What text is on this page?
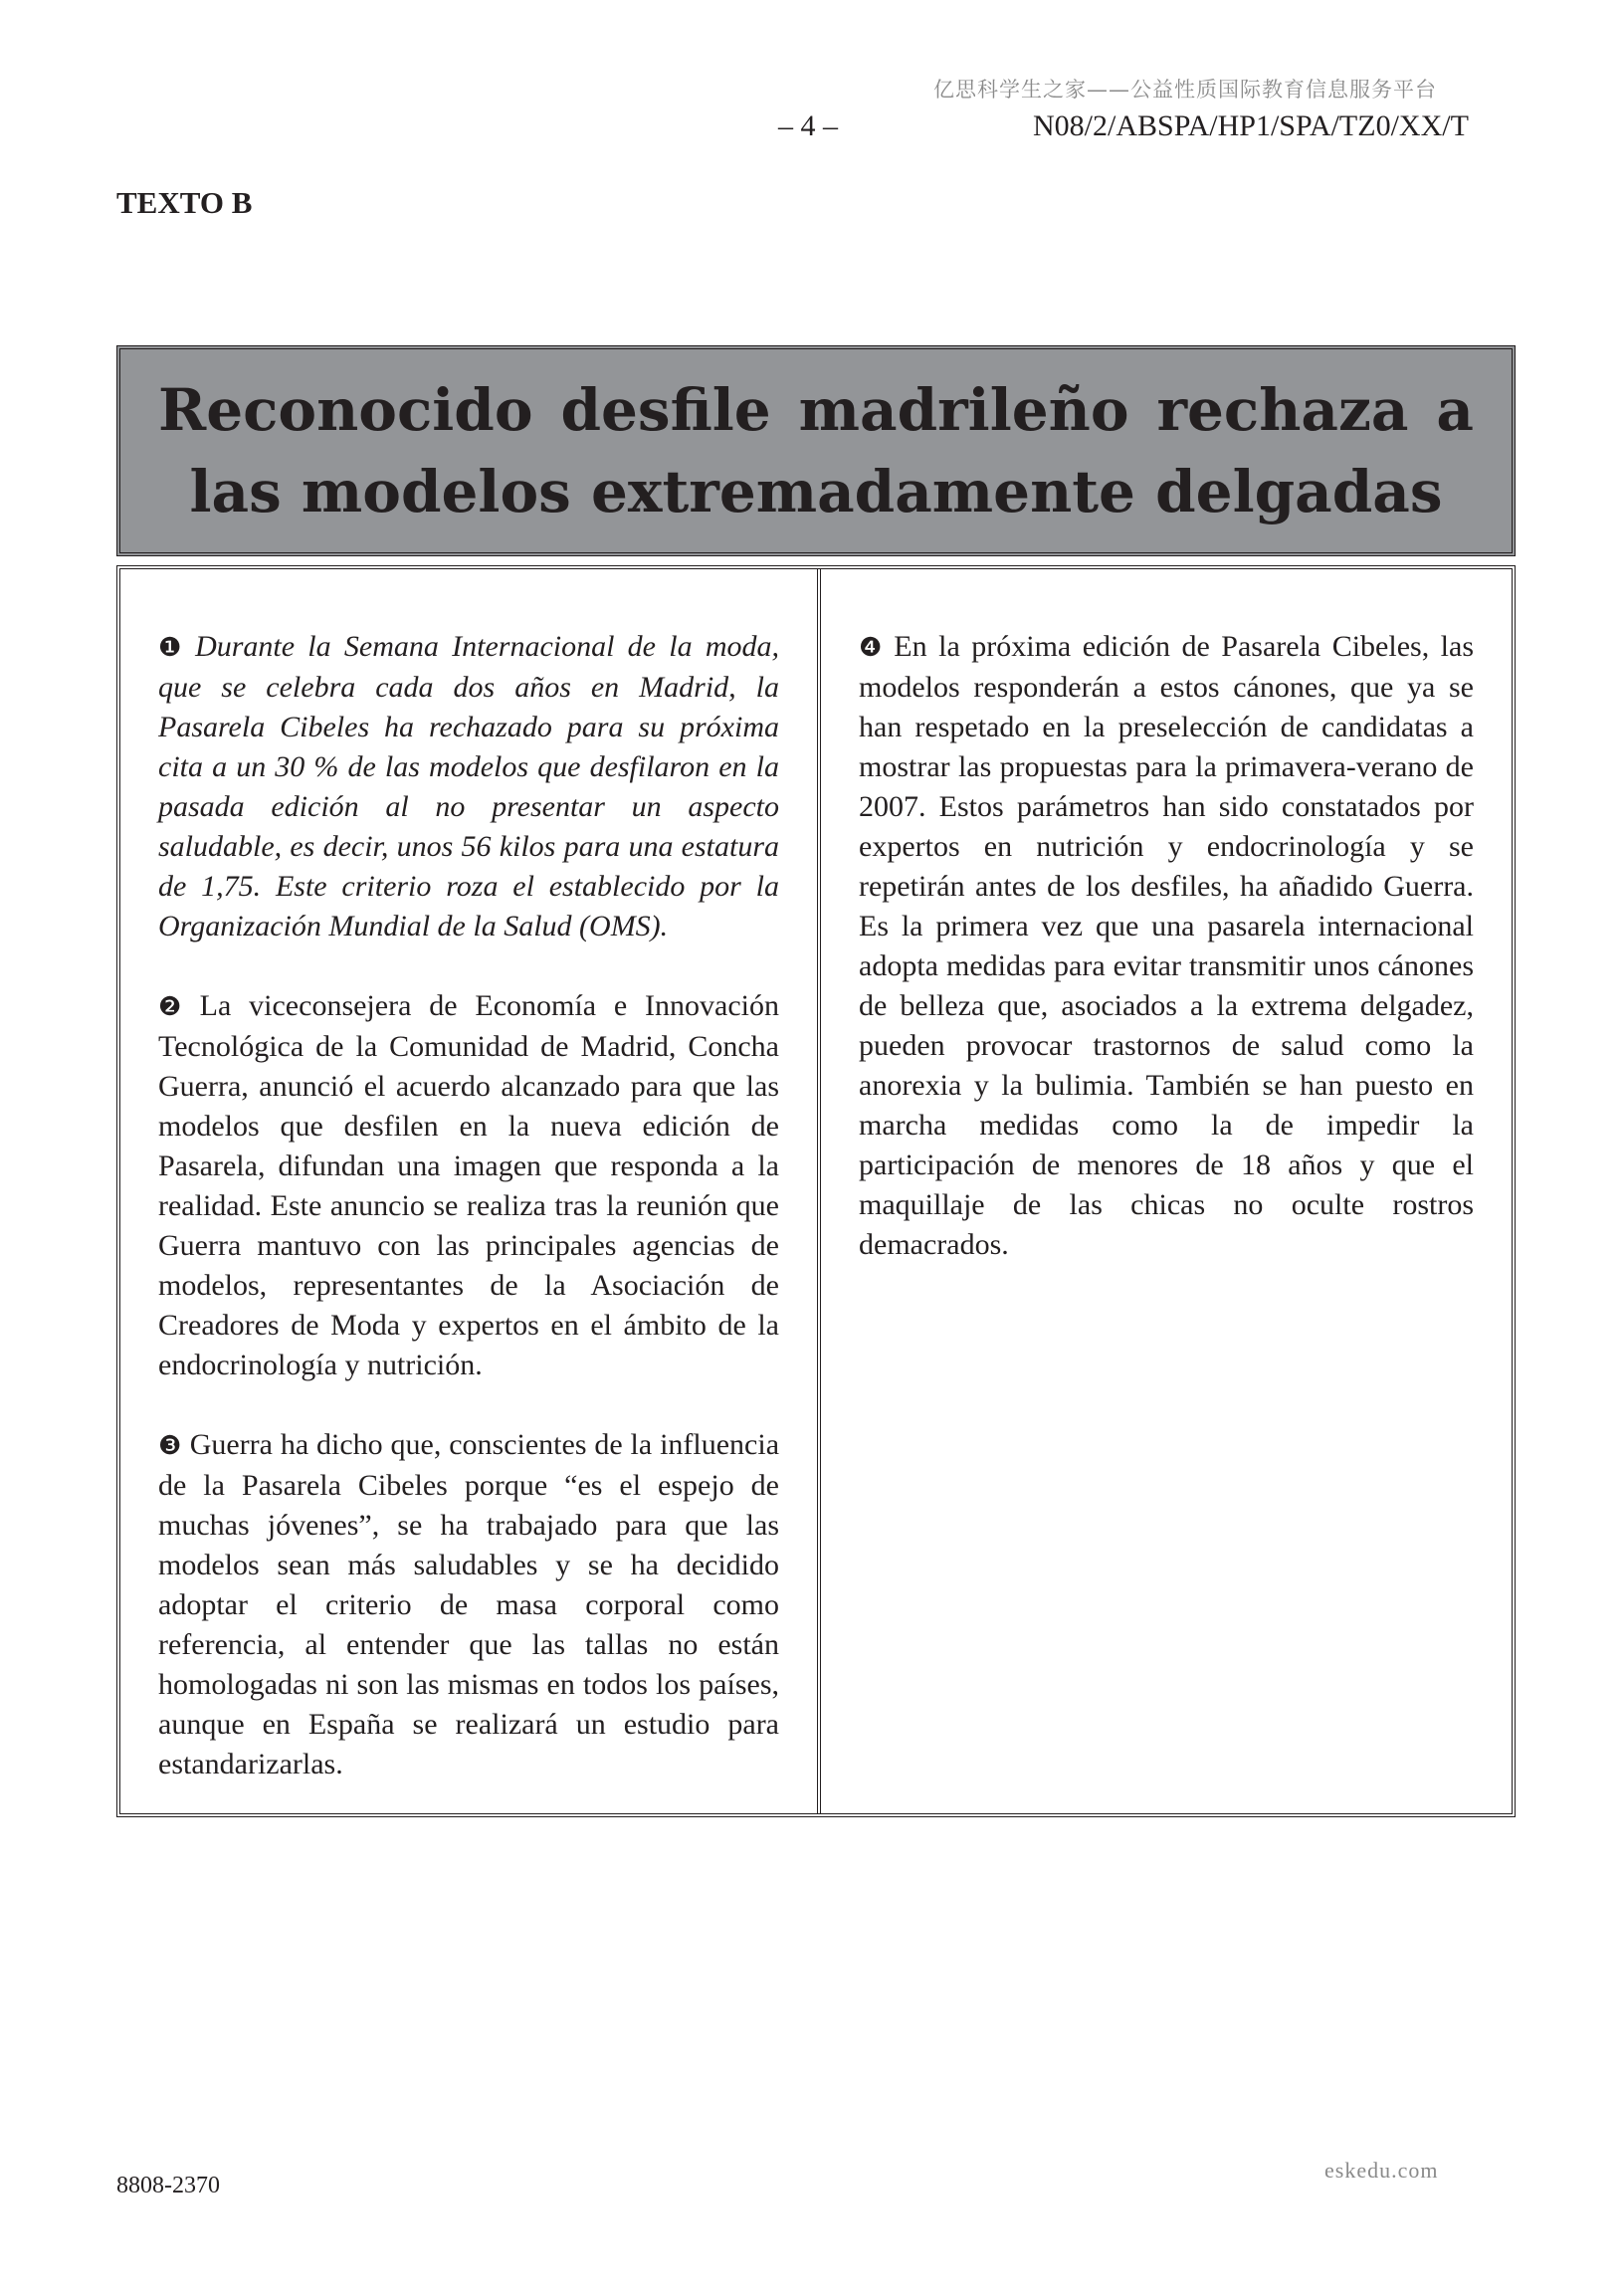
亿思科学生之家——公益性质国际教育信息服务平台
– 4 –	N08/2/ABSPA/HP1/SPA/TZ0/XX/T
TEXTO B

Reconocido desfile madrileño rechaza a las modelos extremadamente delgadas

❶ Durante la Semana Internacional de la moda, que se celebra cada dos años en Madrid, la Pasarela Cibeles ha rechazado para su próxima cita a un 30 % de las modelos que desfilaron en la pasada edición al no presentar un aspecto saludable, es decir, unos 56 kilos para una estatura de 1,75. Este criterio roza el establecido por la Organización Mundial de la Salud (OMS).

❷ La viceconsejera de Economía e Innovación Tecnológica de la Comunidad de Madrid, Concha Guerra, anunció el acuerdo alcanzado para que las modelos que desfilen en la nueva edición de Pasarela, difundan una imagen que responda a la realidad. Este anuncio se realiza tras la reunión que Guerra mantuvo con las principales agencias de modelos, representantes de la Asociación de Creadores de Moda y expertos en el ámbito de la endocrinología y nutrición.

❸ Guerra ha dicho que, conscientes de la influencia de la Pasarela Cibeles porque “es el espejo de muchas jóvenes”, se ha trabajado para que las modelos sean más saludables y se ha decidido adoptar el criterio de masa corporal como referencia, al entender que las tallas no están homologadas ni son las mismas en todos los países, aunque en España se realizará un estudio para estandarizarlas.

❹ En la próxima edición de Pasarela Cibeles, las modelos responderán a estos cánones, que ya se han respetado en la preselección de candidatas a mostrar las propuestas para la primavera-verano de 2007. Estos parámetros han sido constatados por expertos en nutrición y endocrinología y se repetirán antes de los desfiles, ha añadido Guerra. Es la primera vez que una pasarela internacional adopta medidas para evitar transmitir unos cánones de belleza que, asociados a la extrema delgadez, pueden provocar trastornos de salud como la anorexia y la bulimia. También se han puesto en marcha medidas como la de impedir la participación de menores de 18 años y que el maquillaje de las chicas no oculte rostros demacrados.

8808-2370
eskedu.com
